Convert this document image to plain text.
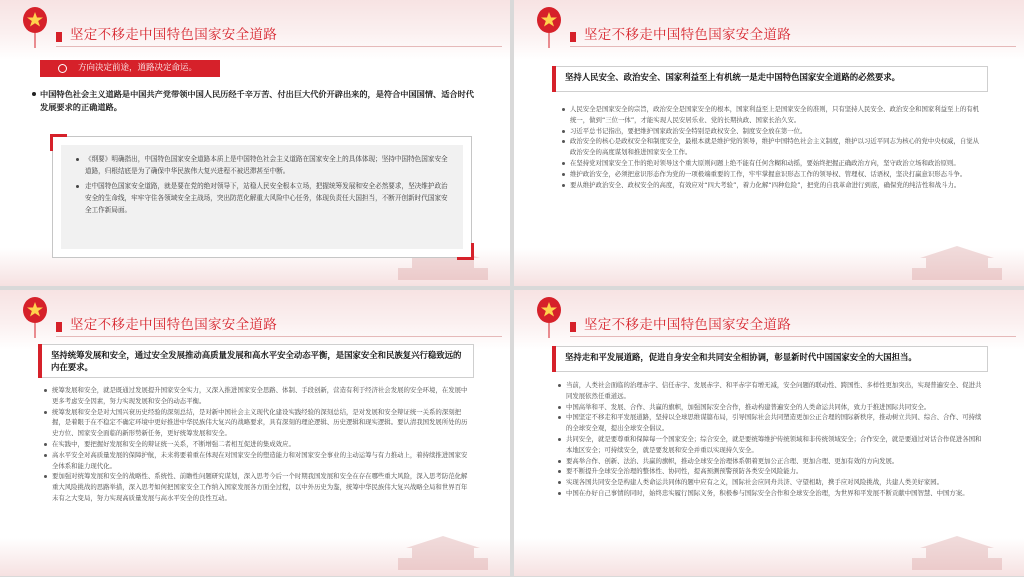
坚定不移走中国特色国家安全道路
方向决定前途，道路决定命运。
中国特色社会主义道路是中国共产党带领中国人民历经千辛万苦、付出巨大代价开辟出来的，是符合中国国情、适合时代发展要求的正确道路。
《纲要》明确指出，中国特色国家安全道路本质上是中国特色社会主义道路在国家安全上的具体体现；坚持中国特色国家安全道路，归根结底是为了确保中华民族伟大复兴进程不被迟滞甚至中断。
走中国特色国家安全道路，就是要在党的绝对领导下，站稳人民安全根本立场，把握统筹发展和安全必然要求，坚决维护政治安全的生命线，牢牢守住各领域安全主战场，突出防范化解重大风险中心任务，体现负责任大国担当，不断开创新时代国家安全工作新局面。
坚定不移走中国特色国家安全道路
坚持人民安全、政治安全、国家利益至上有机统一是走中国特色国家安全道路的必然要求。
人民安全是国家安全的宗旨，政治安全是国家安全的根本，国家利益至上是国家安全的准则，只有坚持人民安全、政治安全和国家利益至上的有机统一，做到“三位一体”，才能实现人民安居乐业、党的长期执政、国家长治久安。
习近平总书记指出，要把维护国家政治安全特别是政权安全、制度安全放在第一位。
政治安全的核心是政权安全和制度安全，最根本就是维护党的领导，维护中国特色社会主义制度，维护以习近平同志为核心的党中央权威，自觉从政治安全的高度谋划和推进国家安全工作。
在坚持党对国家安全工作的绝对领导这个重大原则问题上绝不能有任何含糊和动摇，要始终把握正确政治方向，坚守政治立场和政治原则。
维护政治安全，必须把意识形态作为党的一项极端重要的工作，牢牢掌握意识形态工作的领导权、管理权、话语权，坚决打赢意识形态斗争。
要从维护政治安全、政权安全的高度，有效应对“四大考验”，着力化解“四种危险”，把党的自我革命进行到底，确保党的纯洁性和战斗力。
坚定不移走中国特色国家安全道路
坚持统筹发展和安全，通过安全发展推动高质量发展和高水平安全动态平衡，是国家安全和民族复兴行稳致远的内在要求。
统筹发展和安全，就是既通过发展提升国家安全实力，又深入推进国家安全思路、体制、手段创新，营造有利于经济社会发展的安全环境，在发展中更多考虑安全因素，努力实现发展和安全的动态平衡。
统筹发展和安全是对大国兴衰历史经验的深刻总结，是对新中国社会主义现代化建设实践经验的深刻总结，是对发展和安全辩证统一关系的深刻把握，是着眼于在不稳定不确定环境中更好推进中华民族伟大复兴的战略要求，具有深刻的理论逻辑、历史逻辑和现实逻辑。要认清我国发展所处的历史方位、国家安全面临的新形势新任务，更好统筹发展和安全。
在实践中，要把握好发展和安全的辩证统一关系，不断增强二者相互促进的集成效应。
高水平安全对高质量发展的保障护航，未来将要着重在体现在对国家安全的塑造能力和对国家安全事业的主动运筹与有力推动上，着持续推进国家安全体系和能力现代化。
要加强对统筹发展和安全的战略性、系统性、前瞻性问题研究谋划，深入思考今后一个时期我国发展和安全在存在哪些重大风险，深入思考防范化解重大风险挑战的思路举措，深入思考如何把国家安全工作纳入国家发展各方面全过程，以中外历史为鉴，统筹中华民族伟大复兴战略全局和世界百年未有之大变局，努力实现高质量发展与高水平安全的良性互动。
坚定不移走中国特色国家安全道路
坚持走和平发展道路，促进自身安全和共同安全相协调，彰显新时代中国国家安全的大国担当。
当前，人类社会面临的治理赤字、信任赤字、发展赤字、和平赤字有增无减，安全问题的联动性、跨国性、多样性更加突出，实现普遍安全、促进共同发展依然任重道远。
中国高举和平、发展、合作、共赢的旗帜，加强国际安全合作，推动构建普遍安全的人类命运共同体，致力于推进国际共同安全。
中国坚定不移走和平发展道路，坚持以全球思维谋篇布局，引导国际社会共同塑造更加公正合理的国际新秩序，推动树立共同、综合、合作、可持续的全球安全观，提出全球安全倡议。
共同安全，就是要尊重和保障每一个国家安全；综合安全，就是要统筹维护传统领域和非传统领域安全；合作安全，就是要通过对话合作促进各国和本地区安全；可持续安全，就是要发展和安全并重以实现持久安全。
要高举合作、创新、法治、共赢的旗帜，推动全球安全治理体系朝着更加公正合理、更加合理、更加有效的方向发展。
要不断提升全球安全治理的整体性、协同性，提高预测预警预防各类安全风险能力。
实现各国共同安全是构建人类命运共同体的题中应有之义，国际社会应同舟共济、守望相助，携手应对风险挑战，共建人类美好家园。
中国在办好自己事情的同时，始终忠实履行国际义务，积极参与国际安全合作和全球安全治理，为世界和平发展不断贡献中国智慧、中国方案。
